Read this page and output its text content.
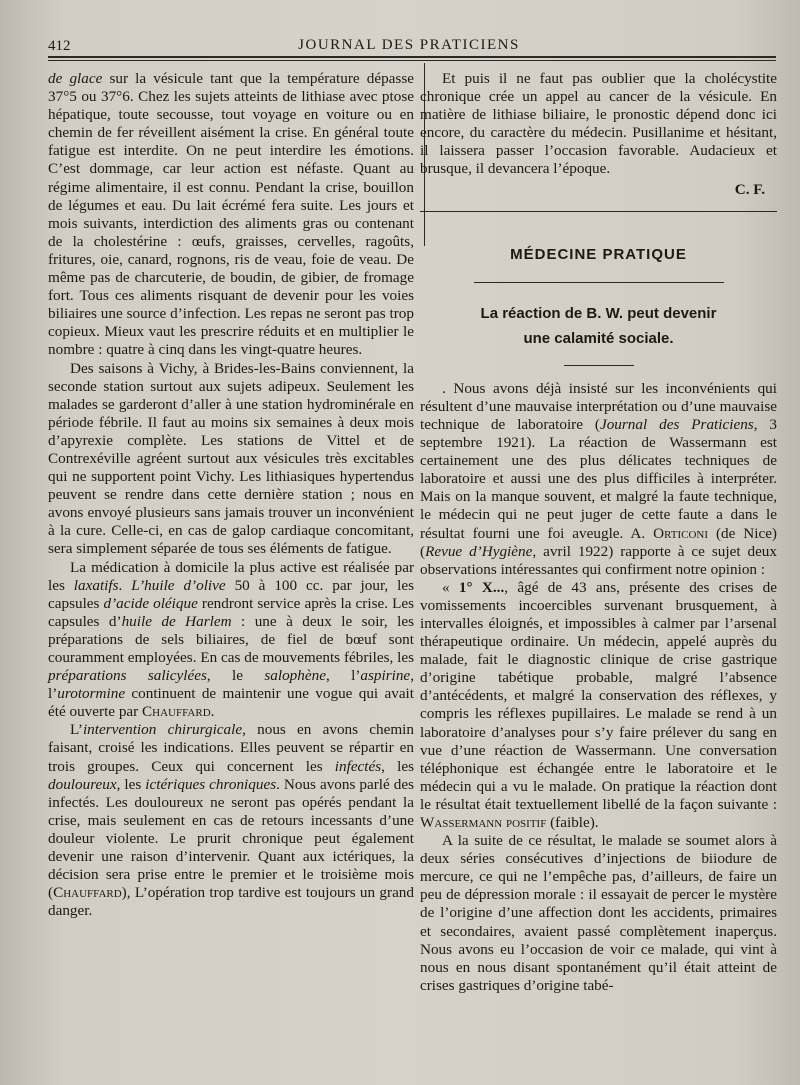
412	JOURNAL DES PRATICIENS

de glace sur la vésicule tant que la température dépasse 37°5 ou 37°6. Chez les sujets atteints de lithiase avec ptose hépatique, toute secousse, tout voyage en voiture ou en chemin de fer réveillent aisément la crise. En général toute fatigue est interdite. On ne peut interdire les émotions. C’est dommage, car leur action est néfaste. Quant au régime alimentaire, il est connu. Pendant la crise, bouillon de légumes et eau. Du lait écrémé fera suite. Les jours et mois suivants, interdiction des aliments gras ou contenant de la cholestérine : œufs, graisses, cervelles, ragoûts, fritures, oie, canard, rognons, ris de veau, foie de veau. De même pas de charcuterie, de boudin, de gibier, de fromage fort. Tous ces aliments risquant de devenir pour les voies biliaires une source d’infection. Les repas ne seront pas trop copieux. Mieux vaut les prescrire réduits et en multiplier le nombre : quatre à cinq dans les vingt-quatre heures.

Des saisons à Vichy, à Brides-les-Bains conviennent, la seconde station surtout aux sujets adipeux. Seulement les malades se garderont d’aller à une station hydrominérale en période fébrile. Il faut au moins six semaines à deux mois d’apyrexie complète. Les stations de Vittel et de Contrexéville agréent surtout aux vésicules très excitables qui ne supportent point Vichy. Les lithiasiques hypertendus peuvent se rendre dans cette dernière station ; nous en avons envoyé plusieurs sans jamais trouver un inconvénient à la cure. Celle-ci, en cas de galop cardiaque concomitant, sera simplement séparée de tous ses éléments de fatigue.

La médication à domicile la plus active est réalisée par les laxatifs. L’huile d’olive 50 à 100 cc. par jour, les capsules d’acide oléique rendront service après la crise. Les capsules d’huile de Harlem : une à deux le soir, les préparations de sels biliaires, de fiel de bœuf sont couramment employées. En cas de mouvements fébriles, les préparations salicylées, le salophène, l’aspirine, l’urotormine continuent de maintenir une vogue qui avait été ouverte par Chauffard.

L’intervention chirurgicale, nous en avons chemin faisant, croisé les indications. Elles peuvent se répartir en trois groupes. Ceux qui concernent les infectés, les douloureux, les ictériques chroniques. Nous avons parlé des infectés. Les douloureux ne seront pas opérés pendant la crise, mais seulement en cas de retours incessants d’une douleur violente. Le prurit chronique peut également devenir une raison d’intervenir. Quant aux ictériques, la décision sera prise entre le premier et le troisième mois (Chauffard), L’opération trop tardive est toujours un grand danger.

Et puis il ne faut pas oublier que la cholécystite chronique crée un appel au cancer de la vésicule. En matière de lithiase biliaire, le pronostic dépend donc ici encore, du caractère du médecin. Pusillanime et hésitant, il laissera passer l’occasion favorable. Audacieux et brusque, il devancera l’époque.

C. F.

MÉDECINE PRATIQUE
La réaction de B. W. peut devenir
une calamité sociale.

. Nous avons déjà insisté sur les inconvénients qui résultent d’une mauvaise interprétation ou d’une mauvaise technique de laboratoire (Journal des Praticiens, 3 septembre 1921). La réaction de Wassermann est certainement une des plus délicates techniques de laboratoire et aussi une des plus difficiles à interpréter. Mais on la manque souvent, et malgré la faute technique, le médecin qui ne peut juger de cette faute a dans le résultat fourni une foi aveugle. A. Orticoni (de Nice) (Revue d’Hygiène, avril 1922) rapporte à ce sujet deux observations intéressantes qui confirment notre opinion :

« 1° X..., âgé de 43 ans, présente des crises de vomissements incoercibles survenant brusquement, à intervalles éloignés, et impossibles à calmer par l’arsenal thérapeutique ordinaire. Un médecin, appelé auprès du malade, fait le diagnostic clinique de crise gastrique d’origine tabétique probable, malgré l’absence d’antécédents, et malgré la conservation des réflexes, y compris les réflexes pupillaires. Le malade se rend à un laboratoire d’analyses pour s’y faire prélever du sang en vue d’une réaction de Wassermann. Une conversation téléphonique est échangée entre le laboratoire et le médecin qui a vu le malade. On pratique la réaction dont le résultat était textuellement libellé de la façon suivante : Wassermann positif (faible).

A la suite de ce résultat, le malade se soumet alors à deux séries consécutives d’injections de biiodure de mercure, ce qui ne l’empêche pas, d’ailleurs, de faire un peu de dépression morale : il essayait de percer le mystère de l’origine d’une affection dont les accidents, primaires et secondaires, avaient passé complètement inaperçus. Nous avons eu l’occasion de voir ce malade, qui vint à nous en nous disant spontanément qu’il était atteint de crises gastriques d’origine tabé-
